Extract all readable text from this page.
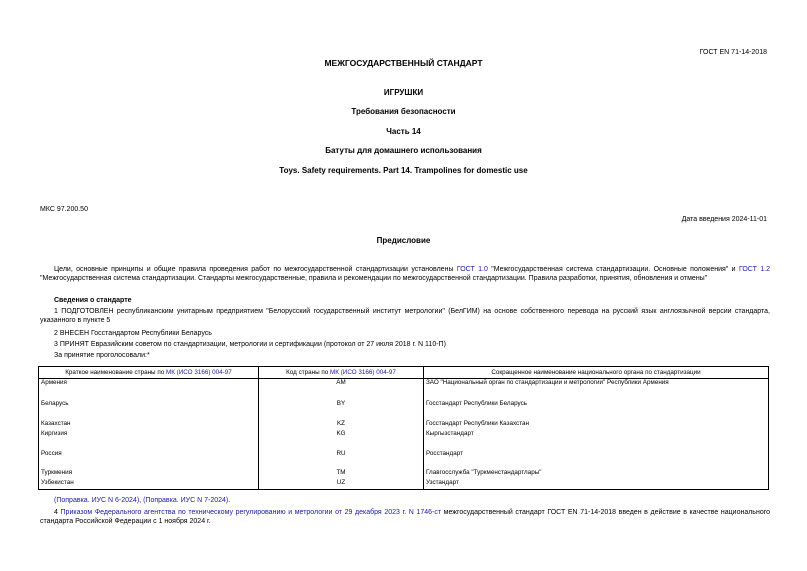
ГОСТ EN 71-14-2018
МЕЖГОСУДАРСТВЕННЫЙ СТАНДАРТ
ИГРУШКИ
Требования безопасности
Часть 14
Батуты для домашнего использования
Toys. Safety requirements. Part 14. Trampolines for domestic use
МКС 97.200.50
Дата введения 2024-11-01
Предисловие
Цели, основные принципы и общие правила проведения работ по межгосударственной стандартизации установлены ГОСТ 1.0 "Межгосударственная система стандартизации. Основные положения" и ГОСТ 1.2 "Межгосударственная система стандартизации. Стандарты межгосударственные, правила и рекомендации по межгосударственной стандартизации. Правила разработки, принятия, обновления и отмены"
Сведения о стандарте
1 ПОДГОТОВЛЕН республиканским унитарным предприятием "Белорусский государственный институт метрологии" (БелГИМ) на основе собственного перевода на русский язык англоязычной версии стандарта, указанного в пункте 5
2 ВНЕСЕН Госстандартом Республики Беларусь
3 ПРИНЯТ Евразийским советом по стандартизации, метрологии и сертификации (протокол от 27 июля 2018 г. N 110-П)
За принятие проголосовали:*
Краткое наименование страны по МК (ИСО 3166) 004-97	Код страны по МК (ИСО 3166) 004-97	Сокращенное наименование национального органа по стандартизации
Армения	AM	ЗАО "Национальный орган по стандартизации и метрологии" Республики Армения
Беларусь	BY	Госстандарт Республики Беларусь
Казахстан	KZ	Госстандарт Республики Казахстан
Киргизия	KG	Кыргызстандарт
Россия	RU	Росстандарт
Туркмения	TM	Главгосслужба "Туркменстандартлары"
Узбекистан	UZ	Узстандарт
(Поправка. ИУС N 6-2024), (Поправка. ИУС N 7-2024).
4 Приказом Федерального агентства по техническому регулированию и метрологии от 29 декабря 2023 г. N 1746-ст межгосударственный стандарт ГОСТ EN 71-14-2018 введен в действие в качестве национального стандарта Российской Федерации с 1 ноября 2024 г.
